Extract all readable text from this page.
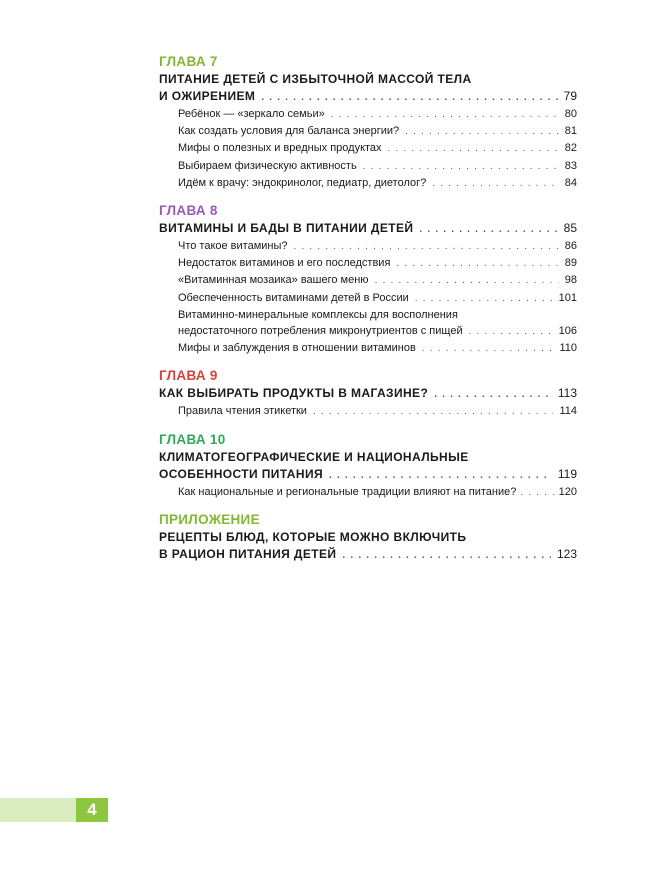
ГЛАВА 7
ПИТАНИЕ ДЕТЕЙ С ИЗБЫТОЧНОЙ МАССОЙ ТЕЛА
И ОЖИРЕНИЕМ . . .	79
Ребёнок — «зеркало семьи» . . .	80
Как создать условия для баланса энергии? . . .	81
Мифы о полезных и вредных продуктах . . .	82
Выбираем физическую активность . . .	83
Идём к врачу: эндокринолог, педиатр, диетолог? . . .	84
ГЛАВА 8
ВИТАМИНЫ И БАДЫ В ПИТАНИИ ДЕТЕЙ . . .	85
Что такое витамины? . . .	86
Недостаток витаминов и его последствия . . .	89
«Витаминная мозаика» вашего меню . . .	98
Обеспеченность витаминами детей в России . . .	101
Витаминно-минеральные комплексы для восполнения
недостаточного потребления микронутриентов с пищей . . .	106
Мифы и заблуждения в отношении витаминов . . .	110
ГЛАВА 9
КАК ВЫБИРАТЬ ПРОДУКТЫ В МАГАЗИНЕ? . . .	113
Правила чтения этикетки . . .	114
ГЛАВА 10
КЛИМАТОГЕОГРАФИЧЕСКИЕ И НАЦИОНАЛЬНЫЕ
ОСОБЕННОСТИ ПИТАНИЯ . . .	119
Как национальные и региональные традиции влияют на питание? . . .	120
ПРИЛОЖЕНИЕ
РЕЦЕПТЫ БЛЮД, КОТОРЫЕ МОЖНО ВКЛЮЧИТЬ
В РАЦИОН ПИТАНИЯ ДЕТЕЙ . . .	123
4
